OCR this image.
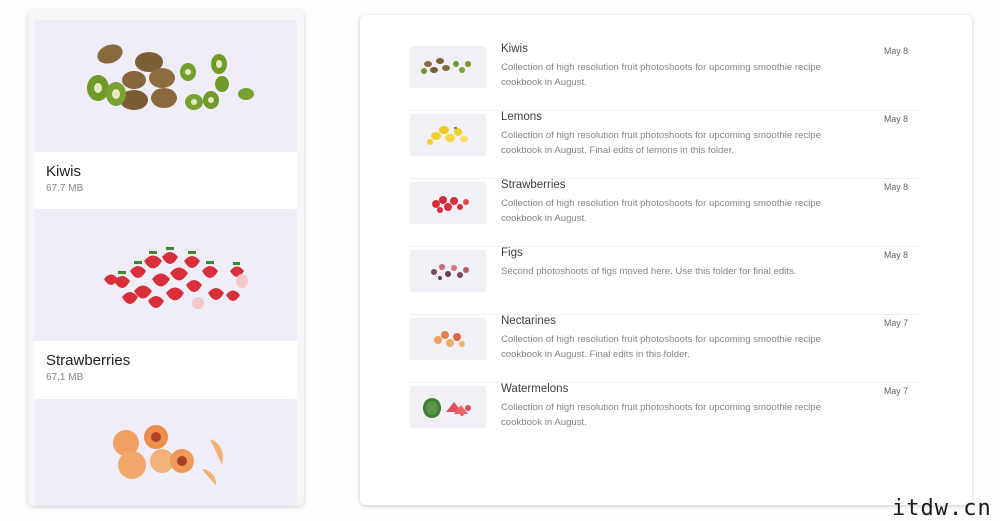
Kiwis
67.7 MB
Strawberries
67.1 MB
Kiwis
Collection of high resolution fruit photoshoots for upcoming smoothie recipe cookbook in August.
May 8
Lemons
Collection of high resolution fruit photoshoots for upcoming smoothie recipe cookbook in August. Final edits of lemons in this folder.
May 8
Strawberries
Collection of high resolution fruit photoshoots for upcoming smoothie recipe cookbook in August.
May 8
Figs
Second photoshoots of figs moved here. Use this folder for final edits.
May 8
Nectarines
Collection of high resolution fruit photoshoots for upcoming smoothie recipe cookbook in August. Final edits in this folder.
May 7
Watermelons
Collection of high resolution fruit photoshoots for upcoming smoothie recipe cookbook in August.
May 7
itdw.cn
